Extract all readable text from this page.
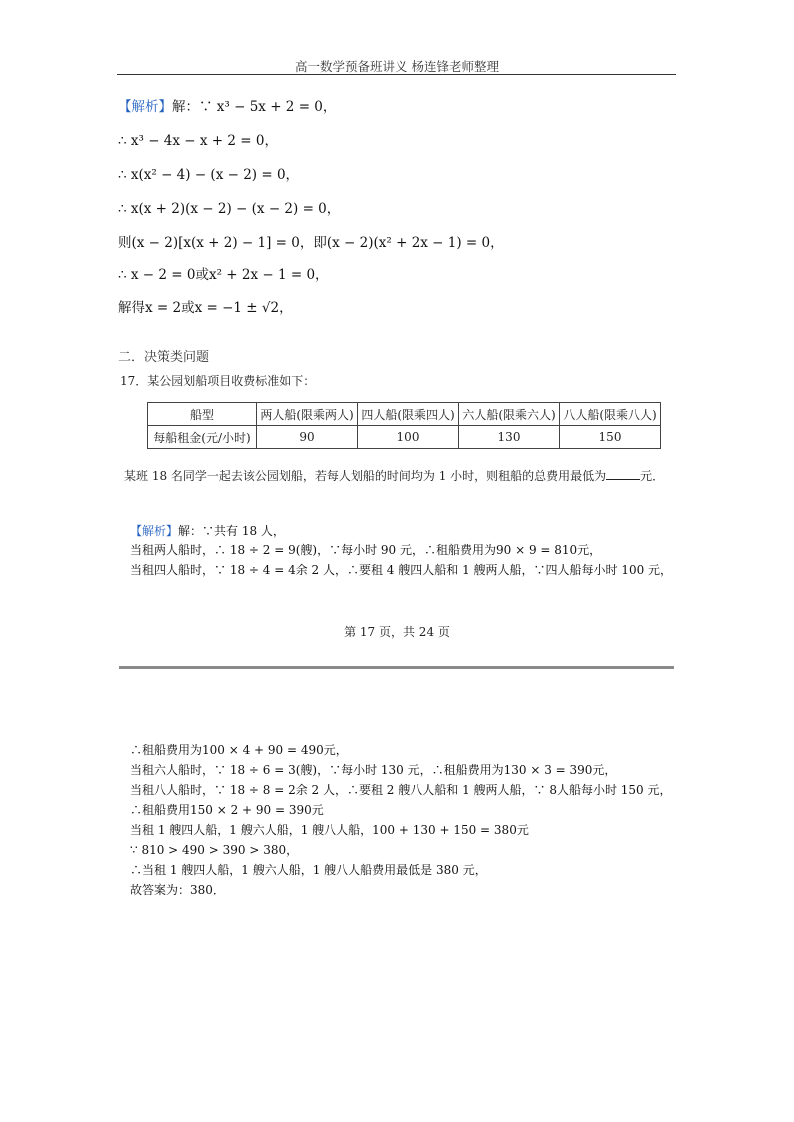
高一数学预备班讲义 杨连锋老师整理
【解析】解：∵ x³ − 5x + 2 = 0，
∴ x³ − 4x − x + 2 = 0，
∴ x(x² − 4) − (x − 2) = 0，
∴ x(x + 2)(x − 2) − (x − 2) = 0，
则(x − 2)[x(x + 2) − 1] = 0，即(x − 2)(x² + 2x − 1) = 0，
∴ x − 2 = 0或x² + 2x − 1 = 0，
解得x = 2或x = −1 ± √2，
二．决策类问题
17．某公园划船项目收费标准如下：
船型	两人船(限乘两人)	四人船(限乘四人)	六人船(限乘六人)	八人船(限乘八人)
每船租金(元/小时)	90	100	130	150
某班 18 名同学一起去该公园划船，若每人划船的时间均为 1 小时，则租船的总费用最低为	元．
【解析】解：∵共有 18 人，
当租两人船时，∴ 18 ÷ 2 = 9(艘)，∵每小时 90 元，∴租船费用为90 × 9 = 810元，
当租四人船时，∵ 18 ÷ 4 = 4余 2 人，∴要租 4 艘四人船和 1 艘两人船，∵四人船每小时 100 元，
第 17 页，共 24 页
∴租船费用为100 × 4 + 90 = 490元，
当租六人船时，∵ 18 ÷ 6 = 3(艘)，∵每小时 130 元，∴租船费用为130 × 3 = 390元，
当租八人船时，∵ 18 ÷ 8 = 2余 2 人，∴要租 2 艘八人船和 1 艘两人船，∵ 8人船每小时 150 元，
∴租船费用150 × 2 + 90 = 390元
当租 1 艘四人船，1 艘六人船，1 艘八人船，100 + 130 + 150 = 380元
∵ 810 > 490 > 390 > 380，
∴当租 1 艘四人船，1 艘六人船，1 艘八人船费用最低是 380 元，
故答案为：380．
